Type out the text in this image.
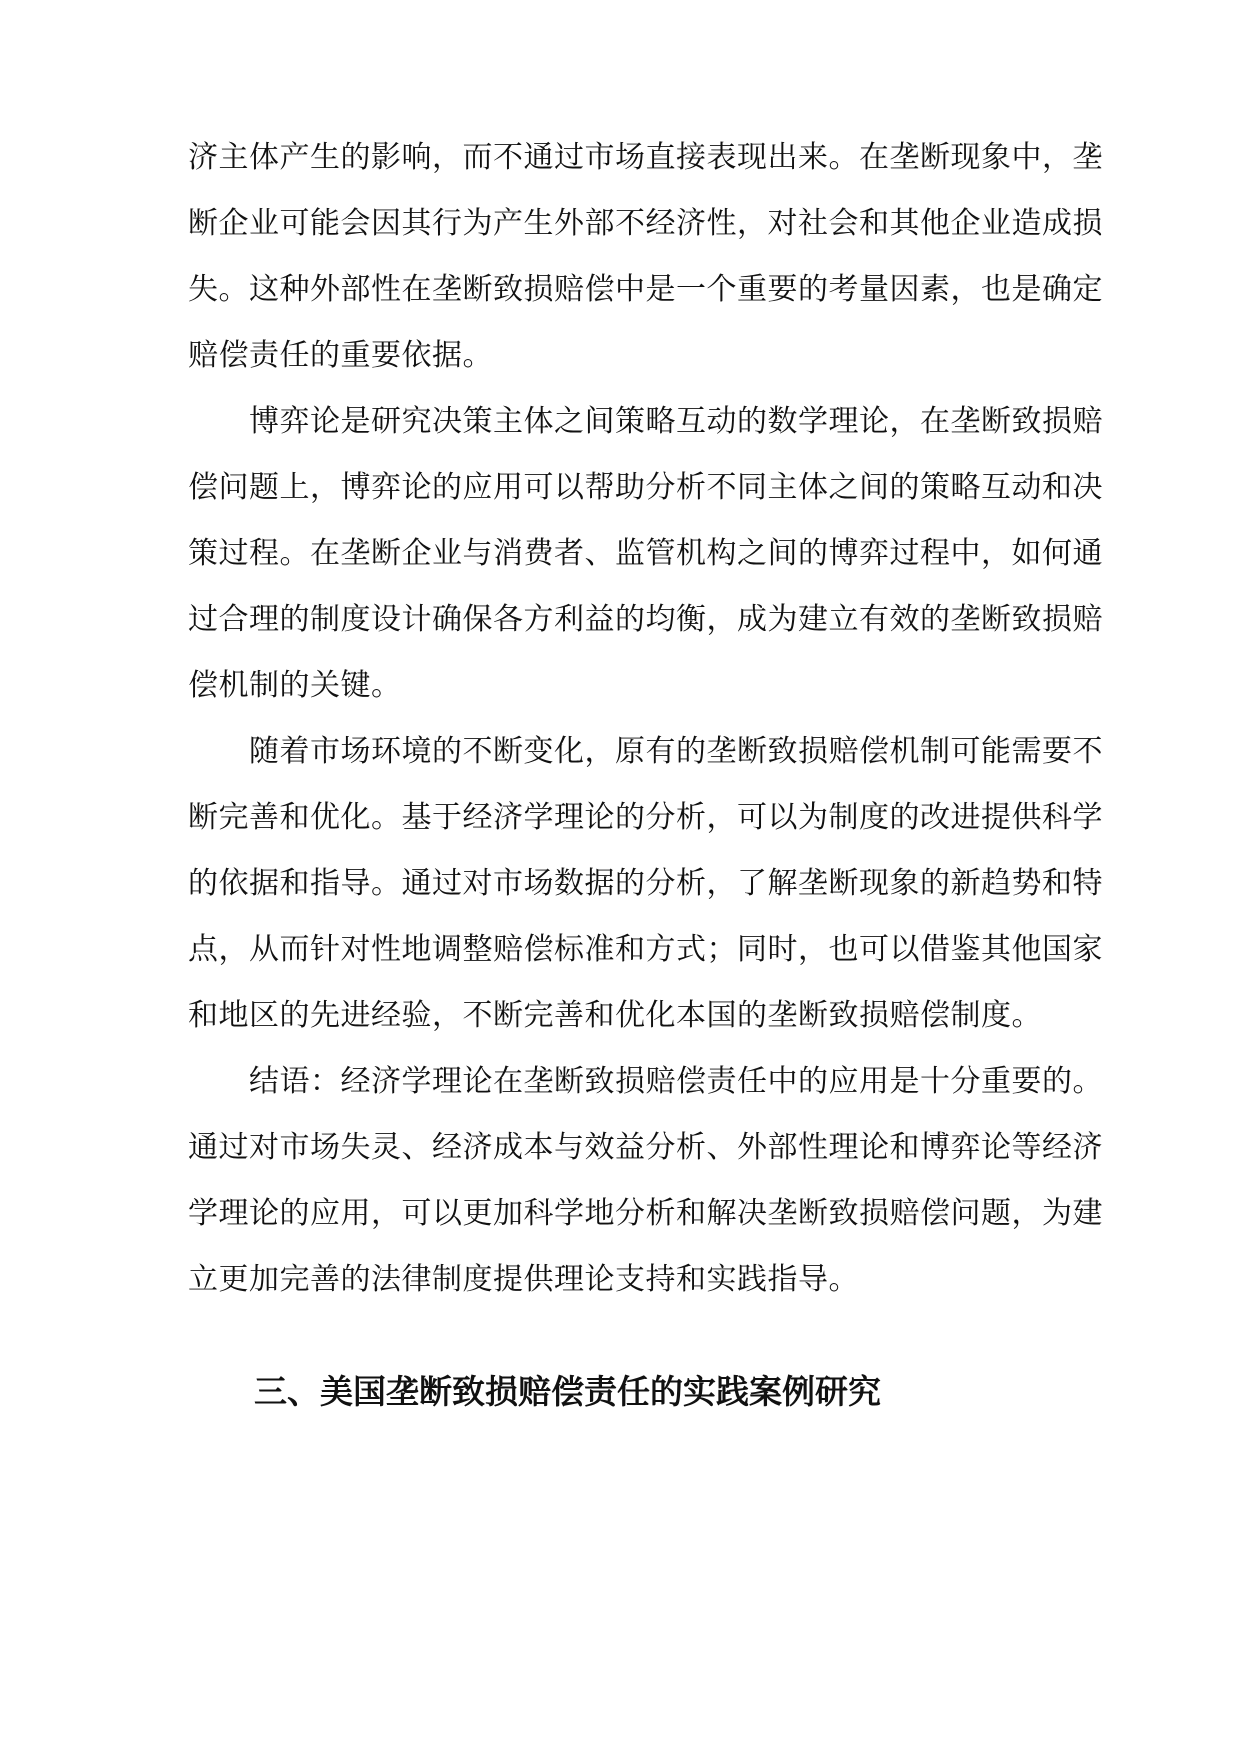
济主体产生的影响，而不通过市场直接表现出来。在垄断现象中，垄
断企业可能会因其行为产生外部不经济性，对社会和其他企业造成损
失。这种外部性在垄断致损赔偿中是一个重要的考量因素，也是确定
赔偿责任的重要依据。
　　博弈论是研究决策主体之间策略互动的数学理论，在垄断致损赔
偿问题上，博弈论的应用可以帮助分析不同主体之间的策略互动和决
策过程。在垄断企业与消费者、监管机构之间的博弈过程中，如何通
过合理的制度设计确保各方利益的均衡，成为建立有效的垄断致损赔
偿机制的关键。
　　随着市场环境的不断变化，原有的垄断致损赔偿机制可能需要不
断完善和优化。基于经济学理论的分析，可以为制度的改进提供科学
的依据和指导。通过对市场数据的分析，了解垄断现象的新趋势和特
点，从而针对性地调整赔偿标准和方式；同时，也可以借鉴其他国家
和地区的先进经验，不断完善和优化本国的垄断致损赔偿制度。
　　结语：经济学理论在垄断致损赔偿责任中的应用是十分重要的。
通过对市场失灵、经济成本与效益分析、外部性理论和博弈论等经济
学理论的应用，可以更加科学地分析和解决垄断致损赔偿问题，为建
立更加完善的法律制度提供理论支持和实践指导。
三、美国垄断致损赔偿责任的实践案例研究
